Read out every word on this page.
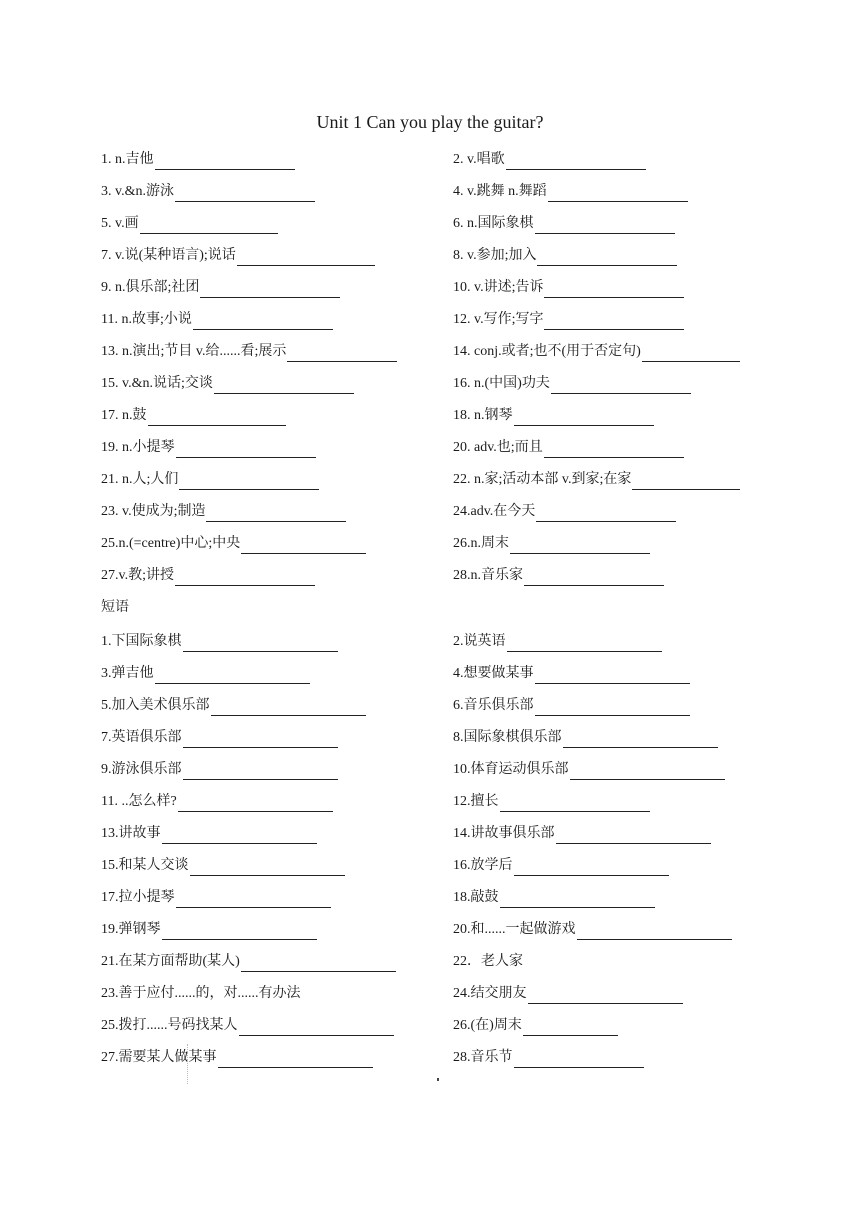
Unit 1 Can you play the guitar?
1. n.吉他	2. v.唱歌
3. v.&n.游泳	4. v.跳舞 n.舞蹈
5. v.画	6. n.国际象棋
7. v.说(某种语言);说话	8. v.参加;加入
9. n.俱乐部;社团	10. v.讲述;告诉
11. n.故事;小说	12. v.写作;写字
13. n.演出;节目 v.给......看;展示	14. conj.或者;也不(用于否定句)
15. v.&n.说话;交谈	16. n.(中国)功夫
17. n.鼓	18. n.钢琴
19. n.小提琴	20. adv.也;而且
21. n.人;人们	22. n.家;活动本部 v.到家;在家
23. v.使成为;制造	24.adv.在今天
25.n.(=centre)中心;中央	26.n.周末
27.v.教;讲授	28.n.音乐家
短语
1.下国际象棋	2.说英语
3.弹吉他	4.想要做某事
5.加入美术俱乐部	6.音乐俱乐部
7.英语俱乐部	8.国际象棋俱乐部
9.游泳俱乐部	10.体育运动俱乐部
11. ..怎么样?	12.擅长
13.讲故事	14.讲故事俱乐部
15.和某人交谈	16.放学后
17.拉小提琴	18.敲鼓
19.弹钢琴	20.和......一起做游戏
21.在某方面帮助(某人)	22．老人家
23.善于应付......的，对......有办法	24.结交朋友
25.拨打......号码找某人	26.(在)周末
27.需要某人做某事	28.音乐节
